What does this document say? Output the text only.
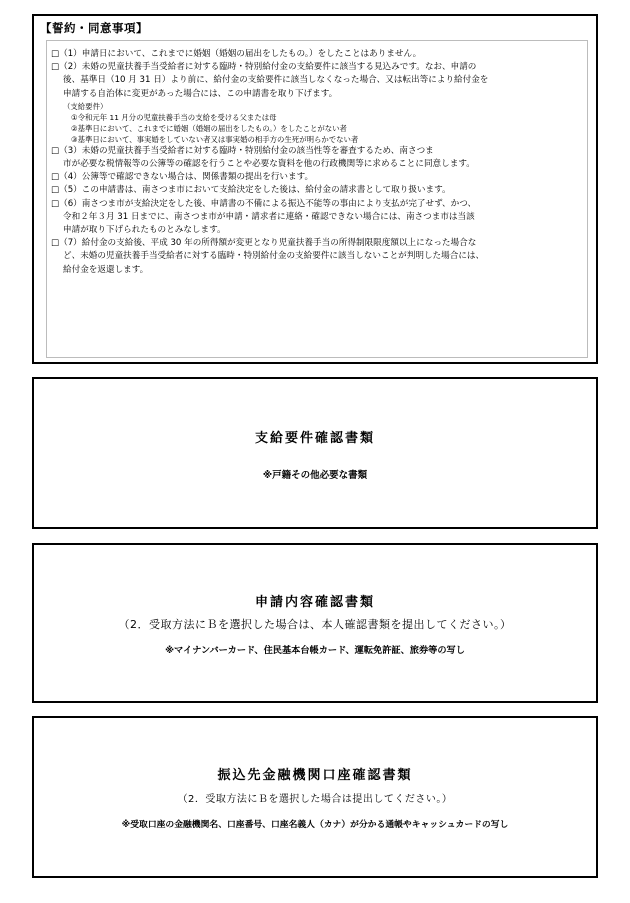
【誓約・同意事項】
□（1）申請日において、これまでに婚姻（婚姻の届出をしたもの。）をしたことはありません。
□（2）未婚の児童扶養手当受給者に対する臨時・特別給付金の支給要件に該当する見込みです。なお、申請の
後、基準日（10 月 31 日）より前に、給付金の支給要件に該当しなくなった場合、又は転出等により給付金を
申請する自治体に変更があった場合には、この申請書を取り下げます。
（支給要件）
①令和元年 11 月分の児童扶養手当の支給を受ける父または母
②基準日において、これまでに婚姻（婚姻の届出をしたもの。）をしたことがない者
③基準日において、事実婚をしていない者又は事実婚の相手方の生死が明らかでない者
□（3）未婚の児童扶養手当受給者に対する臨時・特別給付金の該当性等を審査するため、南さつま
市が必要な税情報等の公簿等の確認を行うことや必要な資料を他の行政機関等に求めることに同意します。
□（4）公簿等で確認できない場合は、関係書類の提出を行います。
□（5）この申請書は、南さつま市において支給決定をした後は、給付金の請求書として取り扱います。
□（6）南さつま市が支給決定をした後、申請書の不備による振込不能等の事由により支払が完了せず、かつ、
令和２年３月 31 日までに、南さつま市が申請・請求者に連絡・確認できない場合には、南さつま市は当該
申請が取り下げられたものとみなします。
□（7）給付金の支給後、平成 30 年の所得額が変更となり児童扶養手当の所得制限限度額以上になった場合な
ど、未婚の児童扶養手当受給者に対する臨時・特別給付金の支給要件に該当しないことが判明した場合には、
給付金を返還します。
支給要件確認書類
※戸籍その他必要な書類
申請内容確認書類
（2．受取方法にＢを選択した場合は、本人確認書類を提出してください。）
※マイナンバーカード、住民基本台帳カード、運転免許証、旅券等の写し
振込先金融機関口座確認書類
（2．受取方法にＢを選択した場合は提出してください。）
※受取口座の金融機関名、口座番号、口座名義人（カナ）が分かる通帳やキャッシュカードの写し
